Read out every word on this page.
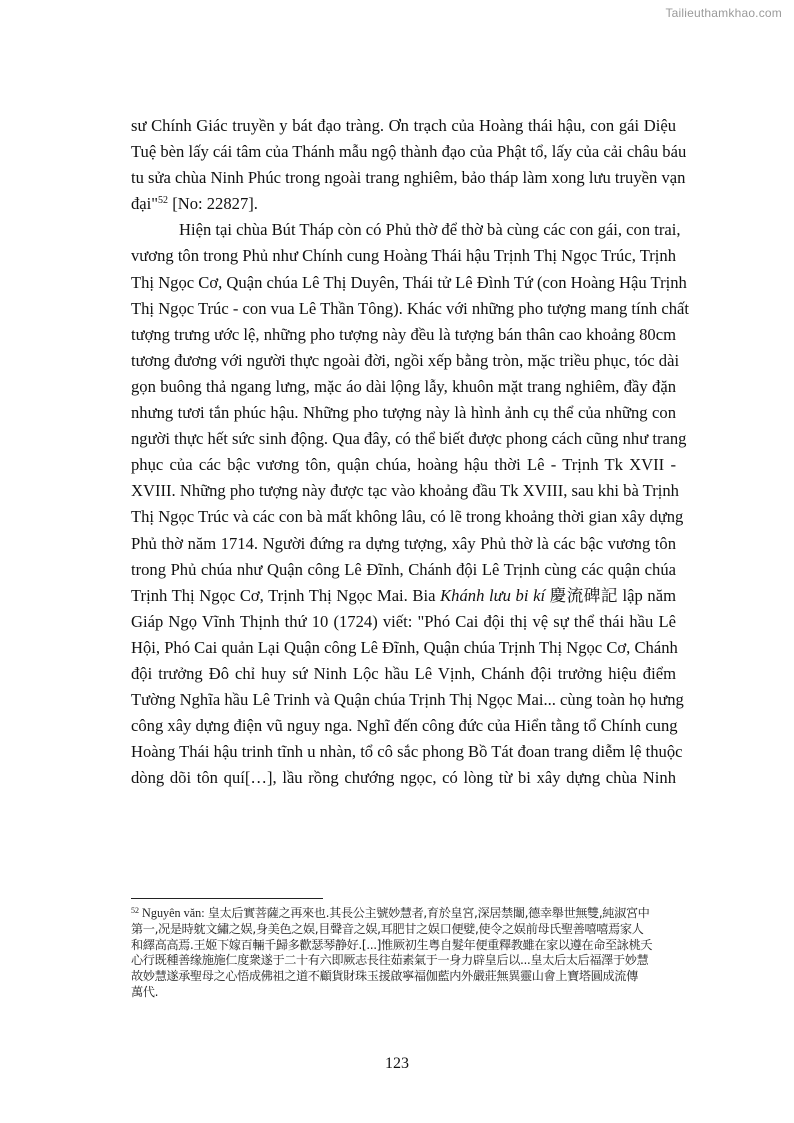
Tailieuthamkhao.com
sư Chính Giác truyền y bát đạo tràng. Ơn trạch của Hoàng thái hậu, con gái Diệu
Tuệ bèn lấy cái tâm của Thánh mẫu ngộ thành đạo của Phật tổ, lấy của cải châu báu
tu sửa chùa Ninh Phúc trong ngoài trang nghiêm, bảo tháp làm xong lưu truyền vạn
đại"$^{52}$ [No: 22827].
Hiện tại chùa Bút Tháp còn có Phủ thờ để thờ bà cùng các con gái, con trai,
vương tôn trong Phủ như Chính cung Hoàng Thái hậu Trịnh Thị Ngọc Trúc, Trịnh
Thị Ngọc Cơ, Quận chúa Lê Thị Duyên, Thái tử Lê Đình Tứ (con Hoàng Hậu Trịnh
Thị Ngọc Trúc - con vua Lê Thần Tông). Khác với những pho tượng mang tính chất
tượng trưng ước lệ, những pho tượng này đều là tượng bán thân cao khoảng 80cm
tương đương với người thực ngoài đời, ngồi xếp bằng tròn, mặc triều phục, tóc dài
gọn buông thả ngang lưng, mặc áo dài lộng lẫy, khuôn mặt trang nghiêm, đầy đặn
nhưng tươi tắn phúc hậu. Những pho tượng này là hình ảnh cụ thể của những con
người thực hết sức sinh động. Qua đây, có thể biết được phong cách cũng như trang
phục của các bậc vương tôn, quận chúa, hoàng hậu thời Lê - Trịnh Tk XVII -
XVIII. Những pho tượng này được tạc vào khoảng đầu Tk XVIII, sau khi bà Trịnh
Thị Ngọc Trúc và các con bà mất không lâu, có lẽ trong khoảng thời gian xây dựng
Phủ thờ năm 1714. Người đứng ra dựng tượng, xây Phủ thờ là các bậc vương tôn
trong Phủ chúa như Quận công Lê Đĩnh, Chánh đội Lê Trịnh cùng các quận chúa
Trịnh Thị Ngọc Cơ, Trịnh Thị Ngọc Mai. Bia Khánh lưu bi kí 慶流碑記 lập năm
Giáp Ngọ Vĩnh Thịnh thứ 10 (1724) viết: "Phó Cai đội thị vệ sự thể thái hầu Lê
Hội, Phó Cai quản Lại Quận công Lê Đĩnh, Quận chúa Trịnh Thị Ngọc Cơ, Chánh
đội trưởng Đô chỉ huy sứ Ninh Lộc hầu Lê Vịnh, Chánh đội trưởng hiệu điểm
Tường Nghĩa hầu Lê Trinh và Quận chúa Trịnh Thị Ngọc Mai... cùng toàn họ hưng
công xây dựng điện vũ nguy nga. Nghĩ đến công đức của Hiển tằng tổ Chính cung
Hoàng Thái hậu trinh tĩnh u nhàn, tổ cô sắc phong Bồ Tát đoan trang diễm lệ thuộc
dòng dõi tôn quí[…], lầu rồng chướng ngọc, có lòng từ bi xây dựng chùa Ninh
$^{52}$ Nguyên văn: 皇太后實菩薩之再來也.其長公主號妙慧者,育於皇宮,深居禁闈,德幸舉世無雙,純淑宮中
第一,况是時躭文繡之娱,身美色之娱,目聲音之娱,耳肥甘之娱口便嬖,使令之娱前母氏聖善嘻嘻焉家人
和繹高高焉.王姬下嫁百輛千歸多歡瑟琴静好.[...]惟厥初生粤自髮年便重釋教雖在家以遵在命至詠桃夭
心行既種善缘施施仁度衆遂于二十有六即厥志長往茹素氣于一身力辟皇后以...皇太后太后福澤于妙慧
故妙慧遂承聖母之心悟成佛祖之道不顧貨財珠玉援啟寧福伽藍内外嚴莊無異靈山會上寶塔圓成流傳
萬代.
123
